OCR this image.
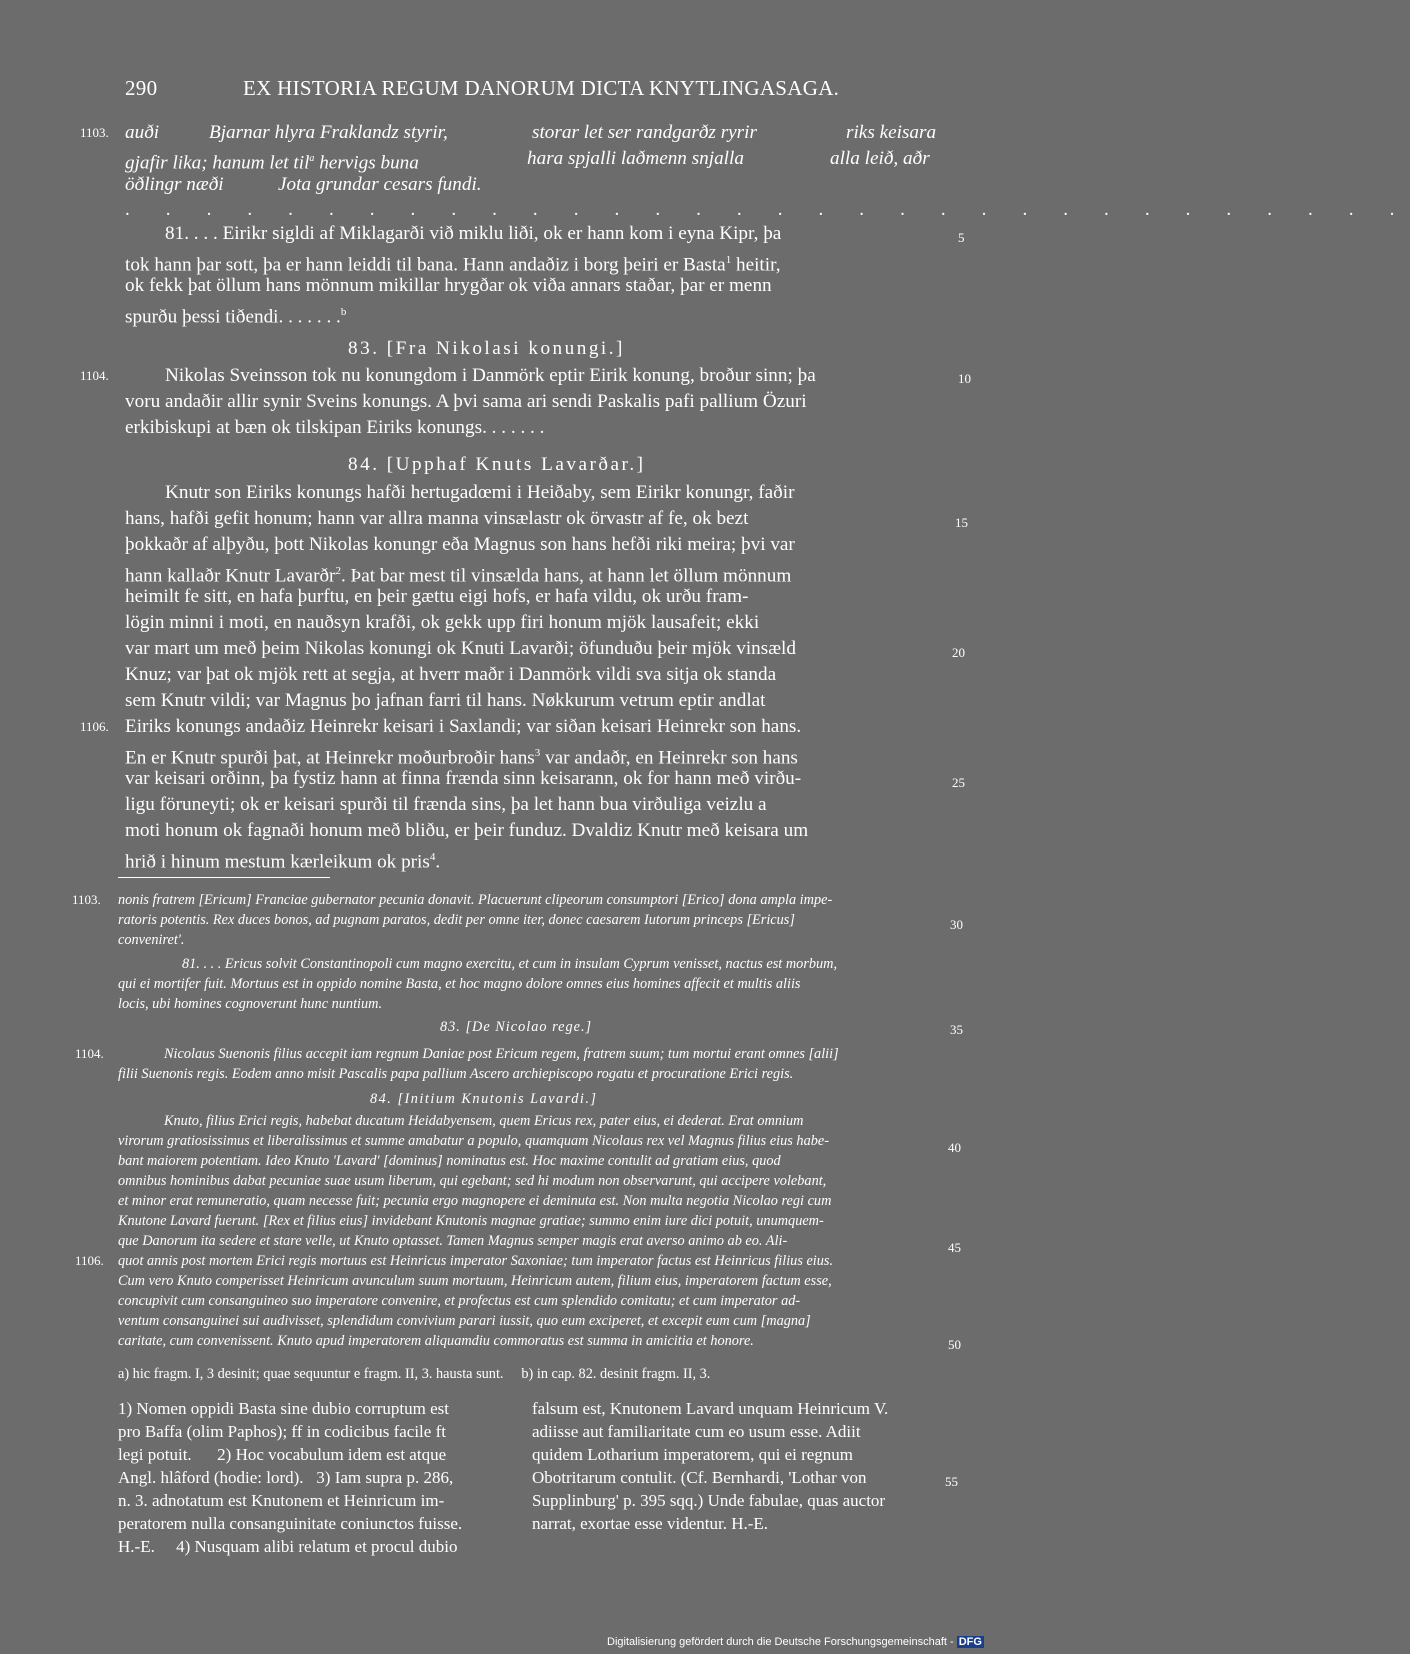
290	EX HISTORIA REGUM DANORUM DICTA KNYTLINGASAGA.
1103. auði	Bjarnar hlyra Fraklandz styrir,	storar let ser randgarðz ryrir	riks keisara
gjafir lika; hanum let til$^a$ hervigs buna	hara spjalli laðmenn snjalla	alla leið, aðr
öðlingr næði	Jota grundar cesars fundi.
. . . . . . . . . . . . . . . . . . . . . . . . . . . . . . . .
81. . . . Eirikr sigldi af Miklagarði við miklu liði, ok er hann kom i eyna Kipr, þa	5
tok hann þar sott, þa er hann leiddi til bana. Hann andaðiz i borg þeiri er Basta$^1$ heitir,
ok fekk þat öllum hans mönnum mikillar hrygðar ok viða annars staðar, þar er menn
spurðu þessi tiðendi. . . . . . .$^b$
83. [Fra Nikolasi konungi.]
1104.	Nikolas Sveinsson tok nu konungdom i Danmörk eptir Eirik konung, broður sinn; þa	10
voru andaðir allir synir Sveins konungs. A þvi sama ari sendi Paskalis pafi pallium Özuri
erkibiskupi at bæn ok tilskipan Eiriks konungs. . . . . . .
84. [Upphaf Knuts Lavarðar.]
Knutr son Eiriks konungs hafði hertugadœmi i Heiðaby, sem Eirikr konungr, faðir
hans, hafði gefit honum; hann var allra manna vinsælastr ok örvastr af fe, ok bezt	15
þokkaðr af alþyðu, þott Nikolas konungr eða Magnus son hans hefði riki meira; þvi var
hann kallaðr Knutr Lavarðr$^2$. Þat bar mest til vinsælda hans, at hann let öllum mönnum
heimilt fe sitt, en hafa þurftu, en þeir gættu eigi hofs, er hafa vildu, ok urðu fram-
lögin minni i moti, en nauðsyn krafði, ok gekk upp firi honum mjök lausafeit; ekki
var mart um með þeim Nikolas konungi ok Knuti Lavarði; öfunduðu þeir mjök vinsæld	20
Knuz; var þat ok mjök rett at segja, at hverr maðr i Danmörk vildi sva sitja ok standa
sem Knutr vildi; var Magnus þo jafnan farri til hans. Nøkkurum vetrum eptir andlat
1106. Eiriks konungs andaðiz Heinrekr keisari i Saxlandi; var siðan keisari Heinrekr son hans.
En er Knutr spurði þat, at Heinrekr moðurbroðir hans$^3$ var andaðr, en Heinrekr son hans
var keisari orðinn, þa fystiz hann at finna frænda sinn keisarann, ok for hann með virðu-	25
ligu föruneyti; ok er keisari spurði til frænda sins, þa let hann bua virðuliga veizlu a
moti honum ok fagnaði honum með bliðu, er þeir funduz. Dvaldiz Knutr með keisara um
hrið i hinum mestum kærleikum ok pris$^4$.
1103. nonis fratrem [Ericum] Franciae gubernator pecunia donavit. Placuerunt clipeorum consumptori [Erico] dona ampla impe-
ratoris potentis. Rex duces bonos, ad pugnam paratos, dedit per omne iter, donec caesarem Iutorum princeps [Ericus]	30
conveniret'.
81. . . . Ericus solvit Constantinopoli cum magno exercitu, et cum in insulam Cyprum venisset, nactus est morbum,
qui ei mortifer fuit. Mortuus est in oppido nomine Basta, et hoc magno dolore omnes eius homines affecit et multis aliis
locis, ubi homines cognoverunt hunc nuntium.
83. [De Nicolao rege.]	35
1104.	Nicolaus Suenonis filius accepit iam regnum Daniae post Ericum regem, fratrem suum; tum mortui erant omnes [alii]
filii Suenonis regis. Eodem anno misit Pascalis papa pallium Ascero archiepiscopo rogatu et procuratione Erici regis.
84. [Initium Knutonis Lavardi.]
Knuto, filius Erici regis, habebat ducatum Heidabyensem, quem Ericus rex, pater eius, ei dederat. Erat omnium
virorum gratiosissimus et liberalissimus et summe amabatur a populo, quamquam Nicolaus rex vel Magnus filius eius habe-	40
bant maiorem potentiam. Ideo Knuto 'Lavard' [dominus] nominatus est. Hoc maxime contulit ad gratiam eius, quod
omnibus hominibus dabat pecuniae suae usum liberum, qui egebant; sed hi modum non observarunt, qui accipere volebant,
et minor erat remuneratio, quam necesse fuit; pecunia ergo magnopere ei deminuta est. Non multa negotia Nicolao regi cum
Knutone Lavard fuerunt. [Rex et filius eius] invidebant Knutonis magnae gratiae; summo enim iure dici potuit, unumquem-
que Danorum ita sedere et stare velle, ut Knuto optasset. Tamen Magnus semper magis erat averso animo ab eo. Ali-	45
1106. quot annis post mortem Erici regis mortuus est Heinricus imperator Saxoniae; tum imperator factus est Heinricus filius eius.
Cum vero Knuto comperisset Heinricum avunculum suum mortuum, Heinricum autem, filium eius, imperatorem factum esse,
concupivit cum consanguineo suo imperatore convenire, et profectus est cum splendido comitatu; et cum imperator ad-
ventum consanguinei sui audivisset, splendidum convivium parari iussit, quo eum exciperet, et excepit eum cum [magna]
caritate, cum convenissent. Knuto apud imperatorem aliquamdiu commoratus est summa in amicitia et honore.	50
a) hic fragm. I, 3 desinit; quae sequuntur e fragm. II, 3. hausta sunt.     b) in cap. 82. desinit fragm. II, 3.
1) Nomen oppidi Basta sine dubio corruptum est
pro Baffa (olim Paphos); ff in codicibus facile ft
legi potuit.      2) Hoc vocabulum idem est atque
Angl. hlâford (hodie: lord).   3) Iam supra p. 286,
n. 3. adnotatum est Knutonem et Heinricum im-
peratorem nulla consanguinitate coniunctos fuisse.
H.-E.     4) Nusquam alibi relatum et procul dubio
falsum est, Knutonem Lavard unquam Heinricum V.
adiisse aut familiaritate cum eo usum esse. Adiit
quidem Lotharium imperatorem, qui ei regnum
Obotritarum contulit. (Cf. Bernhardi, 'Lothar von	55
Supplinburg' p. 395 sqq.) Unde fabulae, quas auctor
narrat, exortae esse videntur. H.-E.
Digitalisierung gefördert durch die Deutsche Forschungsgemeinschaft - DFG
